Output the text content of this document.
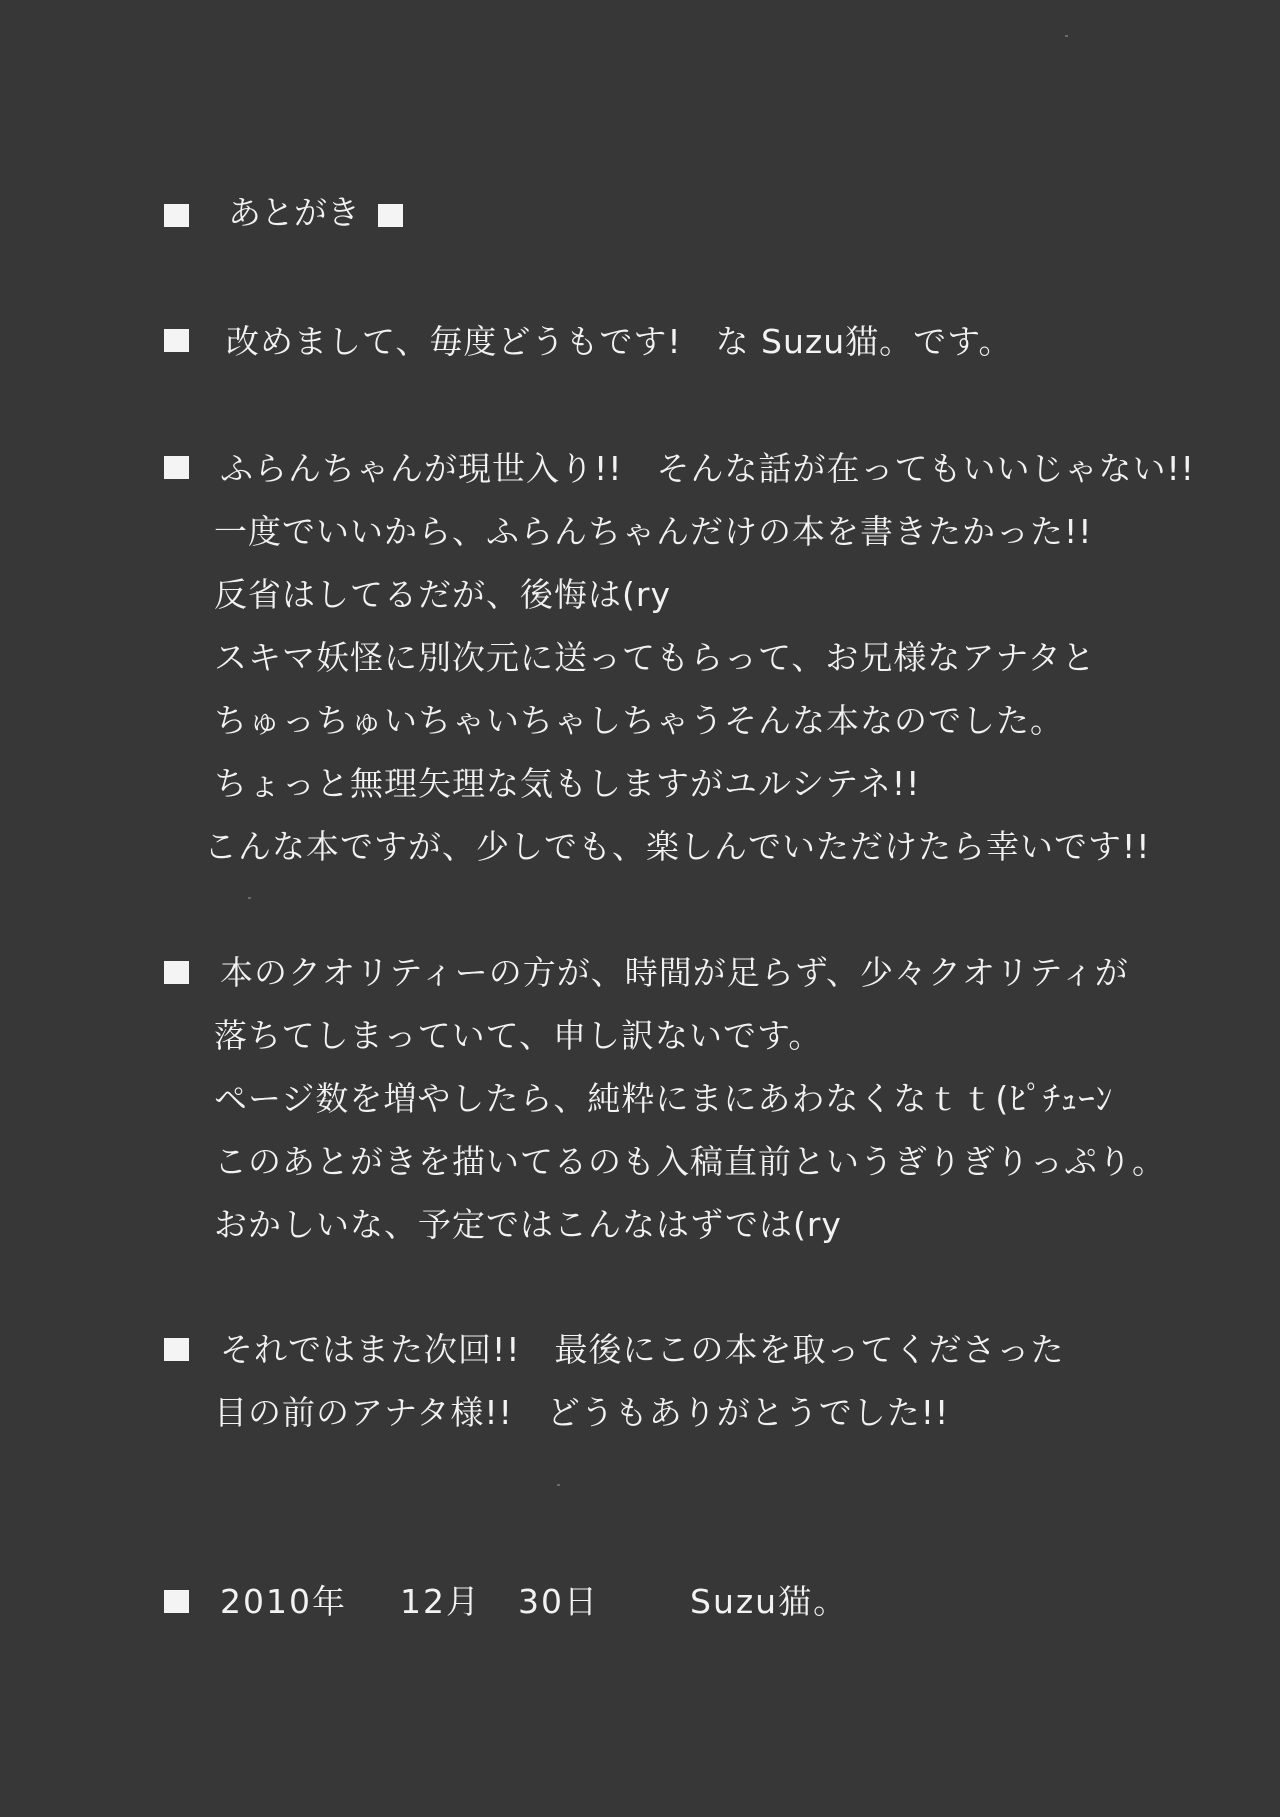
あとがき
改めまして、毎度どうもです!　な Suzu猫。です。
ふらんちゃんが現世入り!!　そんな話が在ってもいいじゃない!!
一度でいいから、ふらんちゃんだけの本を書きたかった!!
反省はしてるだが、後悔は(ry
スキマ妖怪に別次元に送ってもらって、お兄様なアナタと
ちゅっちゅいちゃいちゃしちゃうそんな本なのでした。
ちょっと無理矢理な気もしますがユルシテネ!!
こんな本ですが、少しでも、楽しんでいただけたら幸いです!!
本のクオリティーの方が、時間が足らず、少々クオリティが
落ちてしまっていて、申し訳ないです。
ページ数を増やしたら、純粋にまにあわなくなｔｔ(ﾋﾟﾁｭｰﾝ
このあとがきを描いてるのも入稿直前というぎりぎりっぷり。
おかしいな、予定ではこんなはずでは(ry
それではまた次回!!　最後にこの本を取ってくださった
目の前のアナタ様!!　どうもありがとうでした!!
2010年 12月 30日	Suzu猫。
